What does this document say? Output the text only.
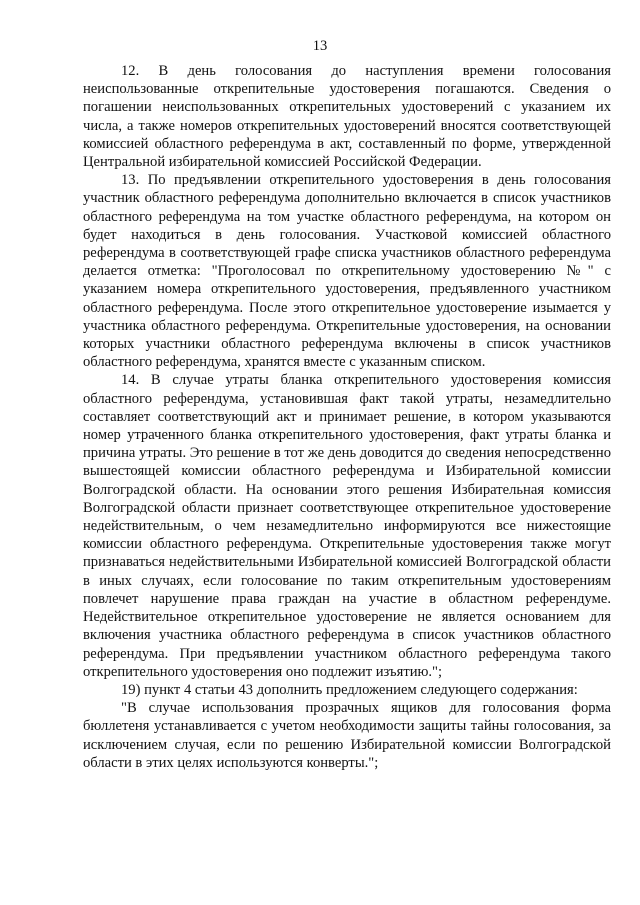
13

12. В день голосования до наступления времени голосования неиспользованные открепительные удостоверения погашаются. Сведения о погашении неиспользованных открепительных удостоверений с указанием их числа, а также номеров открепительных удостоверений вносятся соответствующей комиссией областного референдума в акт, составленный по форме, утвержденной Центральной избирательной комиссией Российской Федерации.

13. По предъявлении открепительного удостоверения в день голосования участник областного референдума дополнительно включается в список участников областного референдума на том участке областного референдума, на котором он будет находиться в день голосования. Участковой комиссией областного референдума в соответствующей графе списка участников областного референдума делается отметка: "Проголосовал по открепительному удостоверению №" с указанием номера открепительного удостоверения, предъявленного участником областного референдума. После этого открепительное удостоверение изымается у участника областного референдума. Открепительные удостоверения, на основании которых участники областного референдума включены в список участников областного референдума, хранятся вместе с указанным списком.

14. В случае утраты бланка открепительного удостоверения комиссия областного референдума, установившая факт такой утраты, незамедлительно составляет соответствующий акт и принимает решение, в котором указываются номер утраченного бланка открепительного удостоверения, факт утраты бланка и причина утраты. Это решение в тот же день доводится до сведения непосредственно вышестоящей комиссии областного референдума и Избирательной комиссии Волгоградской области. На основании этого решения Избирательная комиссия Волгоградской области признает соответствующее открепительное удостоверение недействительным, о чем незамедлительно информируются все нижестоящие комиссии областного референдума. Открепительные удостоверения также могут признаваться недействительными Избирательной комиссией Волгоградской области в иных случаях, если голосование по таким открепительным удостоверениям повлечет нарушение права граждан на участие в областном референдуме. Недействительное открепительное удостоверение не является основанием для включения участника областного референдума в список участников областного референдума. При предъявлении участником областного референдума такого открепительного удостоверения оно подлежит изъятию.";

19) пункт 4 статьи 43 дополнить предложением следующего содержания:

"В случае использования прозрачных ящиков для голосования форма бюллетеня устанавливается с учетом необходимости защиты тайны голосования, за исключением случая, если по решению Избирательной комиссии Волгоградской области в этих целях используются конверты.";
